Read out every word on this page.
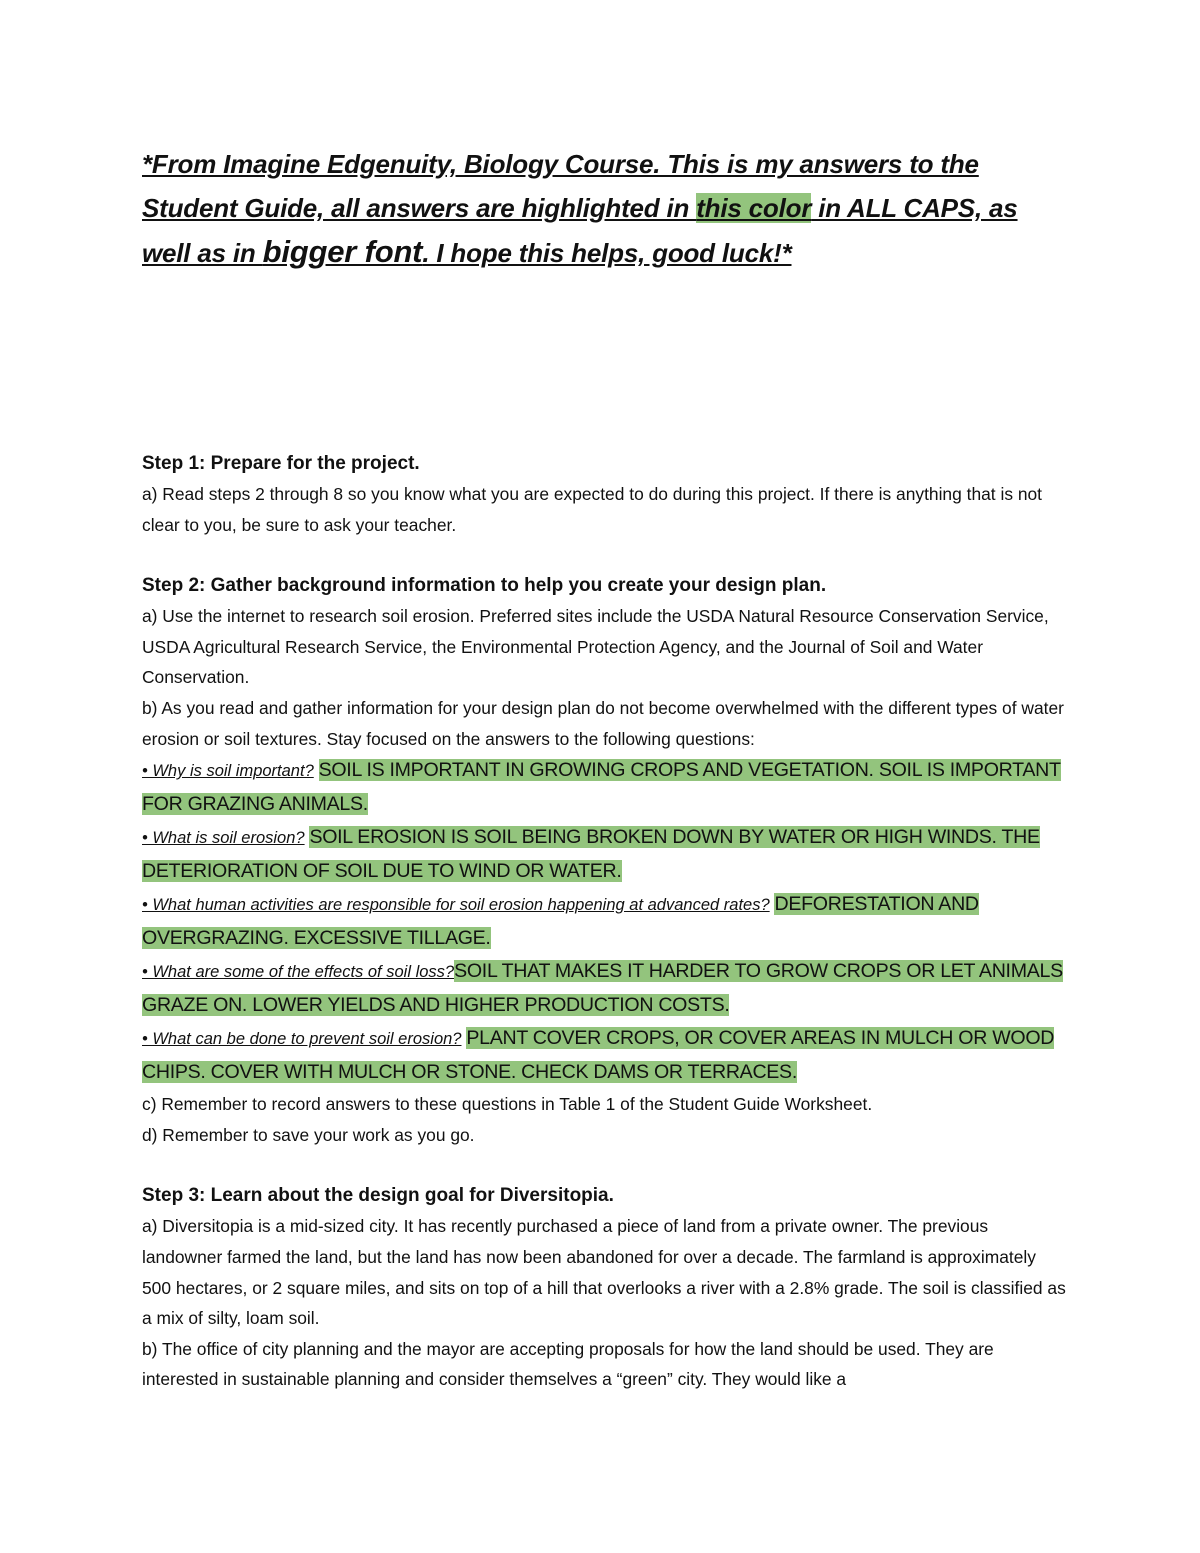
*From Imagine Edgenuity, Biology Course. This is my answers to the Student Guide, all answers are highlighted in this color in ALL CAPS, as well as in bigger font. I hope this helps, good luck!*

Step 1: Prepare for the project.

a) Read steps 2 through 8 so you know what you are expected to do during this project. If there is anything that is not clear to you, be sure to ask your teacher.

Step 2: Gather background information to help you create your design plan.

a) Use the internet to research soil erosion. Preferred sites include the USDA Natural Resource Conservation Service, USDA Agricultural Research Service, the Environmental Protection Agency, and the Journal of Soil and Water Conservation.

b) As you read and gather information for your design plan do not become overwhelmed with the different types of water erosion or soil textures. Stay focused on the answers to the following questions:

• Why is soil important? SOIL IS IMPORTANT IN GROWING CROPS AND VEGETATION. SOIL IS IMPORTANT FOR GRAZING ANIMALS.

• What is soil erosion? SOIL EROSION IS SOIL BEING BROKEN DOWN BY WATER OR HIGH WINDS. THE DETERIORATION OF SOIL DUE TO WIND OR WATER.

• What human activities are responsible for soil erosion happening at advanced rates? DEFORESTATION AND OVERGRAZING. EXCESSIVE TILLAGE.

• What are some of the effects of soil loss?SOIL THAT MAKES IT HARDER TO GROW CROPS OR LET ANIMALS GRAZE ON. LOWER YIELDS AND HIGHER PRODUCTION COSTS.

• What can be done to prevent soil erosion? PLANT COVER CROPS, OR COVER AREAS IN MULCH OR WOOD CHIPS. COVER WITH MULCH OR STONE. CHECK DAMS OR TERRACES.

c) Remember to record answers to these questions in Table 1 of the Student Guide Worksheet.

d) Remember to save your work as you go.

Step 3: Learn about the design goal for Diversitopia.

a) Diversitopia is a mid-sized city. It has recently purchased a piece of land from a private owner. The previous landowner farmed the land, but the land has now been abandoned for over a decade. The farmland is approximately 500 hectares, or 2 square miles, and sits on top of a hill that overlooks a river with a 2.8% grade. The soil is classified as a mix of silty, loam soil.

b) The office of city planning and the mayor are accepting proposals for how the land should be used. They are interested in sustainable planning and consider themselves a “green” city. They would like a
